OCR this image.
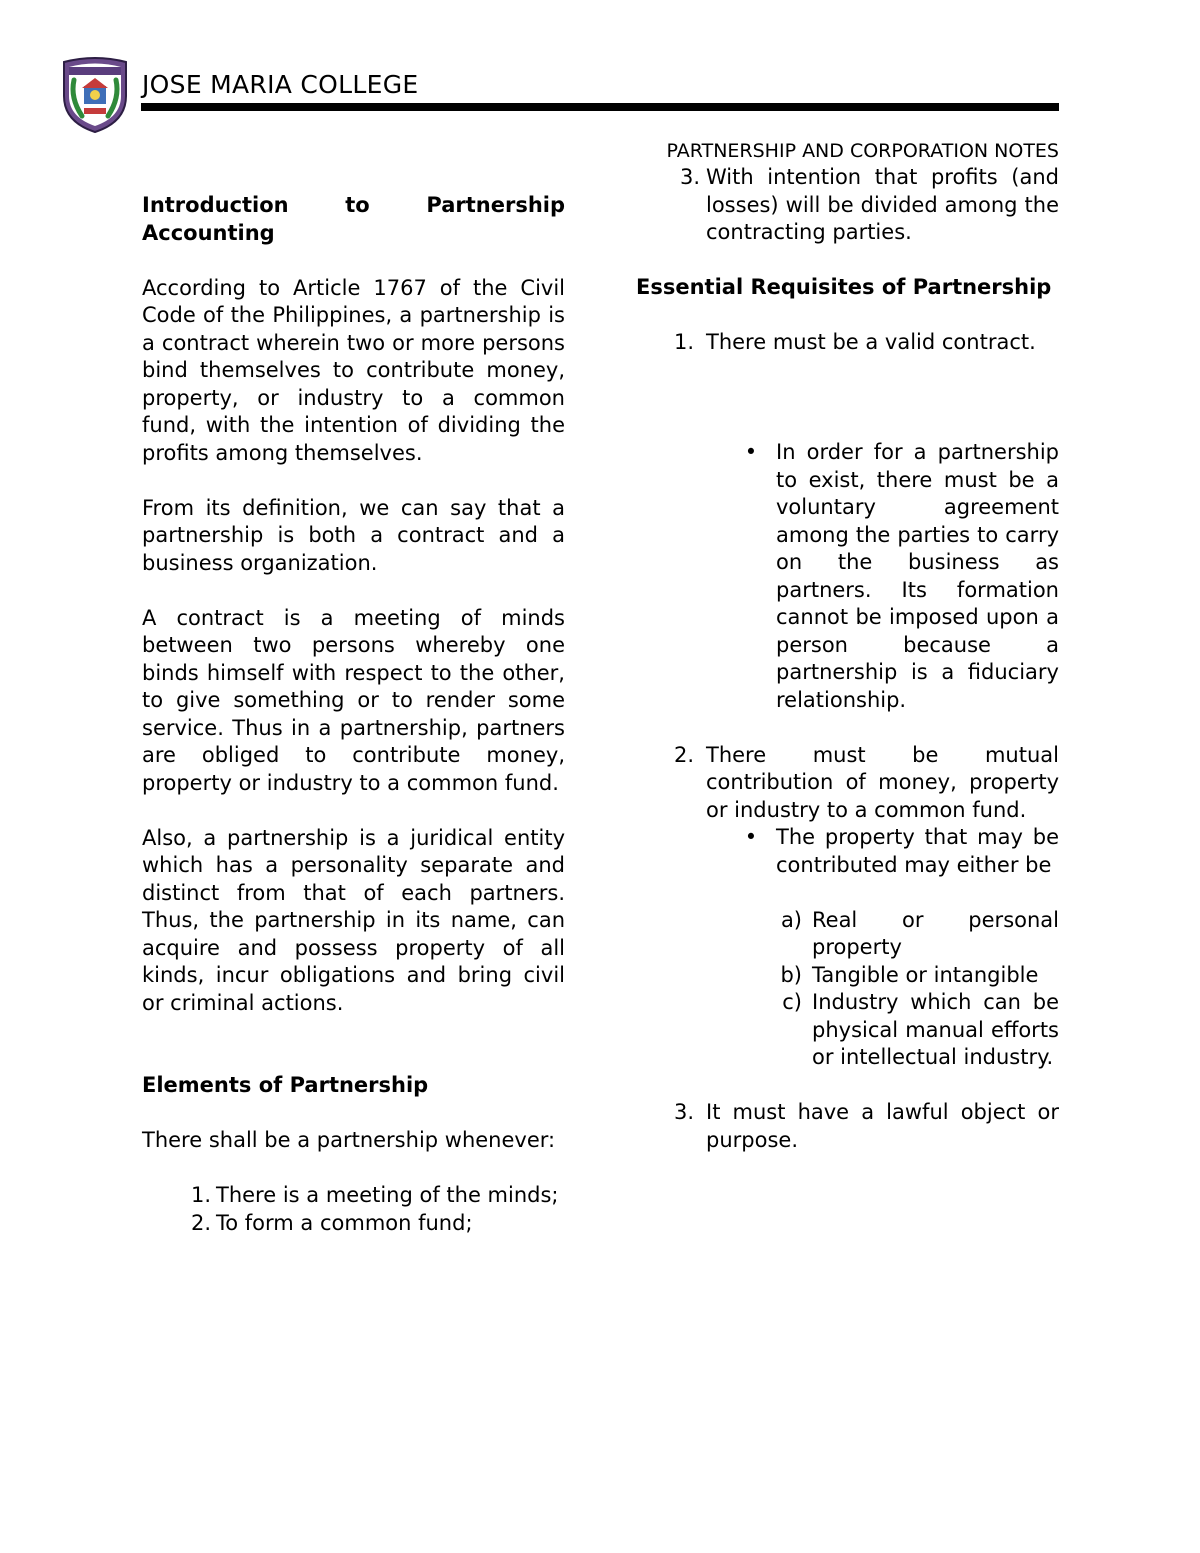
JOSE MARIA COLLEGE

PARTNERSHIP AND CORPORATION NOTES

Introduction to Partnership Accounting

According to Article 1767 of the Civil Code of the Philippines, a partnership is a contract wherein two or more persons bind themselves to contribute money, property, or industry to a common fund, with the intention of dividing the profits among themselves.

From its definition, we can say that a partnership is both a contract and a business organization.

A contract is a meeting of minds between two persons whereby one binds himself with respect to the other, to give something or to render some service. Thus in a partnership, partners are obliged to contribute money, property or industry to a common fund.

Also, a partnership is a juridical entity which has a personality separate and distinct from that of each partners. Thus, the partnership in its name, can acquire and possess property of all kinds, incur obligations and bring civil or criminal actions.

Elements of Partnership

There shall be a partnership whenever:

1. There is a meeting of the minds;
2. To form a common fund;
3. With intention that profits (and losses) will be divided among the contracting parties.

Essential Requisites of Partnership

1. There must be a valid contract.
• In order for a partnership to exist, there must be a voluntary agreement among the parties to carry on the business as partners. Its formation cannot be imposed upon a person because a partnership is a fiduciary relationship.
2. There must be mutual contribution of money, property or industry to a common fund.
• The property that may be contributed may either be
a) Real or personal property
b) Tangible or intangible
c) Industry which can be physical manual efforts or intellectual industry.
3. It must have a lawful object or purpose.
